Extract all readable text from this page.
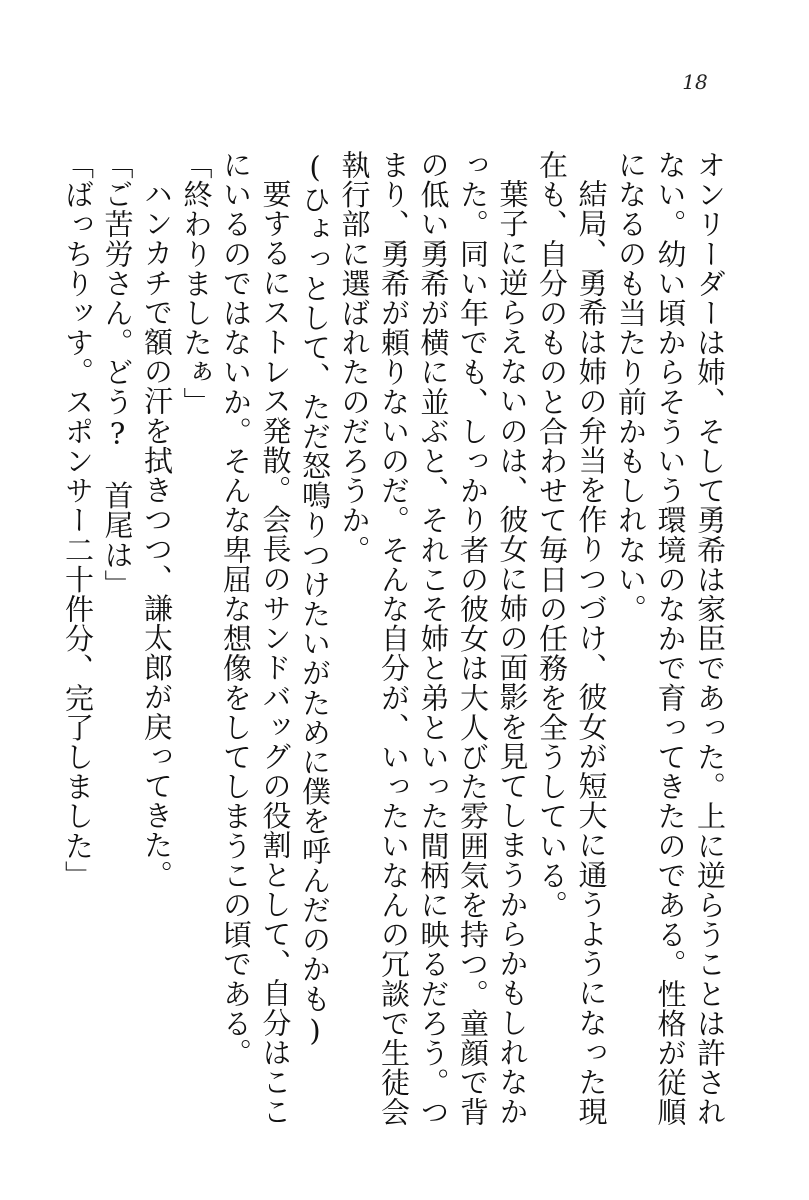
18

オンリーダーは姉、そして勇希は家臣であった。上に逆らうことは許されない。幼い頃からそういう環境のなかで育ってきたのである。性格が従順になるのも当たり前かもしれない。

結局、勇希は姉の弁当を作りつづけ、彼女が短大に通うようになった現在も、自分のものと合わせて毎日の任務を全うしている。

葉子に逆らえないのは、彼女に姉の面影を見てしまうからかもしれなかった。同い年でも、しっかり者の彼女は大人びた雰囲気を持つ。童顔で背の低い勇希が横に並ぶと、それこそ姉と弟といった間柄に映るだろう。つまり、勇希が頼りないのだ。そんな自分が、いったいなんの冗談で生徒会執行部に選ばれたのだろうか。

(ひょっとして、ただ怒鳴りつけたいがために僕を呼んだのかも)

要するにストレス発散。会長のサンドバッグの役割として、自分はここにいるのではないか。そんな卑屈な想像をしてしまうこの頃である。

「終わりましたぁ」

ハンカチで額の汗を拭きつつ、謙太郎が戻ってきた。

「ご苦労さん。どう?　首尾は」

「ばっちりッす。スポンサー二十件分、完了しました」
